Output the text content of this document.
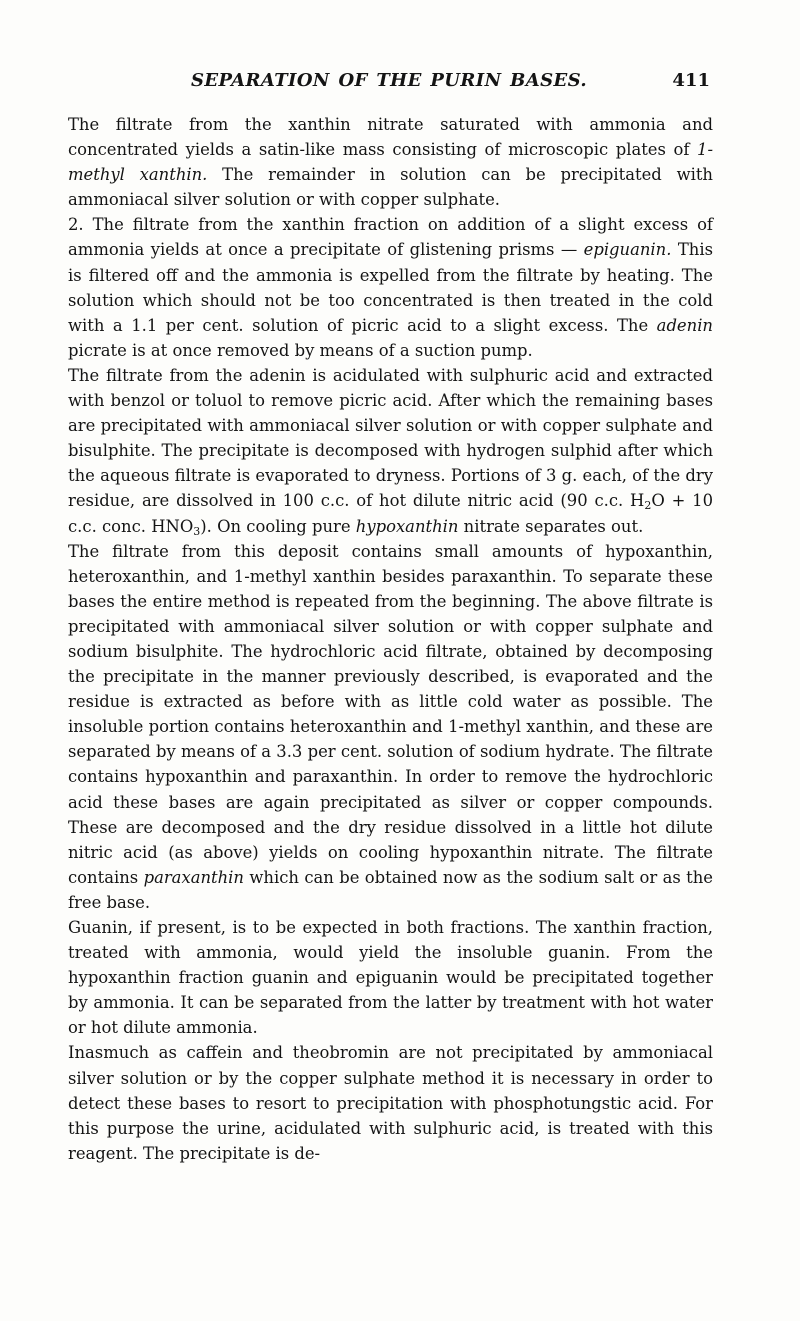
SEPARATION OF THE PURIN BASES.	411

The filtrate from the xanthin nitrate saturated with ammonia and concentrated yields a satin-like mass consisting of microscopic plates of 1-methyl xanthin. The remainder in solution can be precipitated with ammoniacal silver solution or with copper sulphate.

2. The filtrate from the xanthin fraction on addition of a slight excess of ammonia yields at once a precipitate of glistening prisms — epiguanin. This is filtered off and the ammonia is expelled from the filtrate by heating. The solution which should not be too concentrated is then treated in the cold with a 1.1 per cent. solution of picric acid to a slight excess. The adenin picrate is at once removed by means of a suction pump.

The filtrate from the adenin is acidulated with sulphuric acid and extracted with benzol or toluol to remove picric acid. After which the remaining bases are precipitated with ammoniacal silver solution or with copper sulphate and bisulphite. The precipitate is decomposed with hydrogen sulphid after which the aqueous filtrate is evaporated to dryness. Portions of 3 g. each, of the dry residue, are dissolved in 100 c.c. of hot dilute nitric acid (90 c.c. $H_2O + 10$ c.c. conc. $HNO_3$). On cooling pure hypoxanthin nitrate separates out.

The filtrate from this deposit contains small amounts of hypoxanthin, heteroxanthin, and 1-methyl xanthin besides paraxanthin. To separate these bases the entire method is repeated from the beginning. The above filtrate is precipitated with ammoniacal silver solution or with copper sulphate and sodium bisulphite. The hydrochloric acid filtrate, obtained by decomposing the precipitate in the manner previously described, is evaporated and the residue is extracted as before with as little cold water as possible. The insoluble portion contains heteroxanthin and 1-methyl xanthin, and these are separated by means of a 3.3 per cent. solution of sodium hydrate. The filtrate contains hypoxanthin and paraxanthin. In order to remove the hydrochloric acid these bases are again precipitated as silver or copper compounds. These are decomposed and the dry residue dissolved in a little hot dilute nitric acid (as above) yields on cooling hypoxanthin nitrate. The filtrate contains paraxanthin which can be obtained now as the sodium salt or as the free base.

Guanin, if present, is to be expected in both fractions. The xanthin fraction, treated with ammonia, would yield the insoluble guanin. From the hypoxanthin fraction guanin and epiguanin would be precipitated together by ammonia. It can be separated from the latter by treatment with hot water or hot dilute ammonia.

Inasmuch as caffein and theobromin are not precipitated by ammoniacal silver solution or by the copper sulphate method it is necessary in order to detect these bases to resort to precipitation with phosphotungstic acid. For this purpose the urine, acidulated with sulphuric acid, is treated with this reagent. The precipitate is de-
